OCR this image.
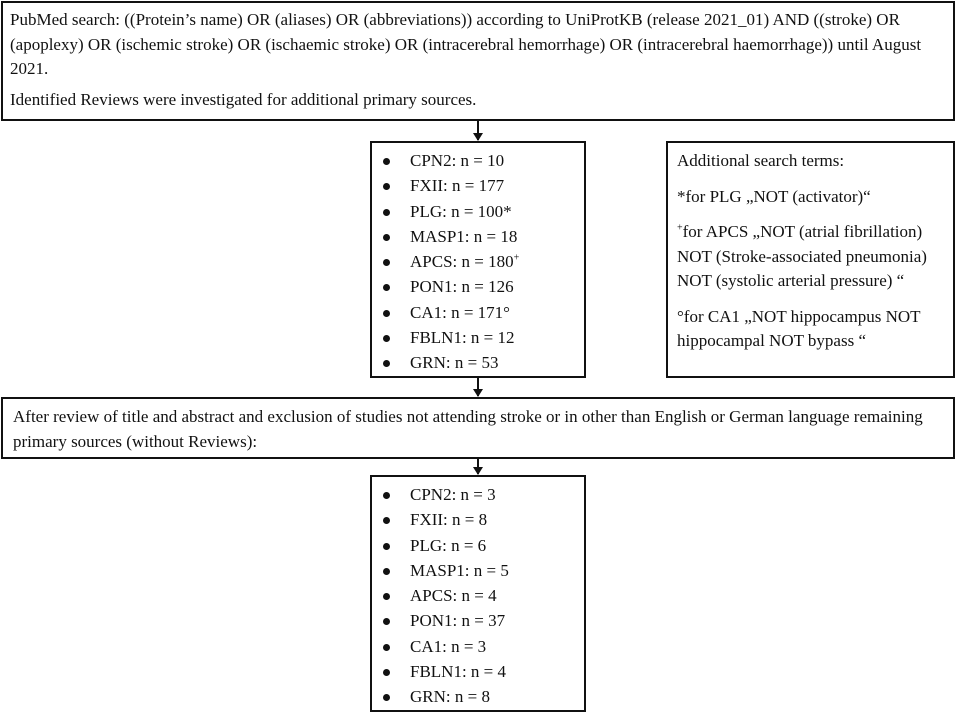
PubMed search: ((Protein’s name) OR (aliases) OR (abbreviations)) according to UniProtKB (release 2021_01) AND ((stroke) OR (apoplexy) OR (ischemic stroke) OR (ischaemic stroke) OR (intracerebral hemorrhage) OR (intracerebral haemorrhage)) until August 2021.

Identified Reviews were investigated for additional primary sources.

CPN2: n = 10
FXII: n = 177
PLG: n = 100*
MASP1: n = 18
APCS: n = 180+
PON1: n = 126
CA1: n = 171°
FBLN1: n = 12
GRN: n = 53

Additional search terms:

*for PLG „NOT (activator)“

+for APCS „NOT (atrial fibrillation)

NOT (Stroke-associated pneumonia)

NOT (systolic arterial pressure) “

°for CA1 „NOT hippocampus NOT

hippocampal NOT bypass “

After review of title and abstract and exclusion of studies not attending stroke or in other than English or German language remaining primary sources (without Reviews):

CPN2: n = 3
FXII: n = 8
PLG: n = 6
MASP1: n = 5
APCS: n = 4
PON1: n = 37
CA1: n = 3
FBLN1: n = 4
GRN: n = 8
